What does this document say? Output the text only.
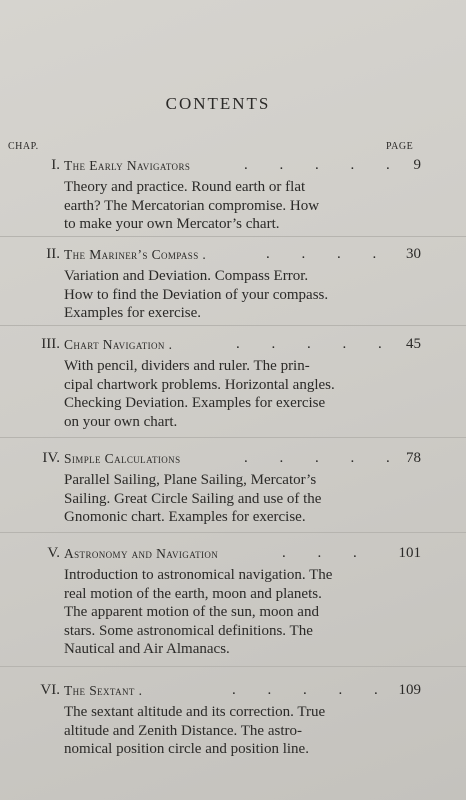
CONTENTS
CHAP.	PAGE
I. The Early Navigators	. . . . . 9
Theory and practice. Round earth or flat
earth? The Mercatorian compromise. How
to make your own Mercator’s chart.
II. The Mariner’s Compass .	. . . . 30
Variation and Deviation. Compass Error.
How to find the Deviation of your compass.
Examples for exercise.
III. Chart Navigation .	. . . . . 45
With pencil, dividers and ruler. The prin-
cipal chartwork problems. Horizontal angles.
Checking Deviation. Examples for exercise
on your own chart.
IV. Simple Calculations	. . . . . 78
Parallel Sailing, Plane Sailing, Mercator’s
Sailing. Great Circle Sailing and use of the
Gnomonic chart. Examples for exercise.
V. Astronomy and Navigation	. . . 101
Introduction to astronomical navigation. The
real motion of the earth, moon and planets.
The apparent motion of the sun, moon and
stars. Some astronomical definitions. The
Nautical and Air Almanacs.
VI. The Sextant .	. . . . . 109
The sextant altitude and its correction. True
altitude and Zenith Distance. The astro-
nomical position circle and position line.
